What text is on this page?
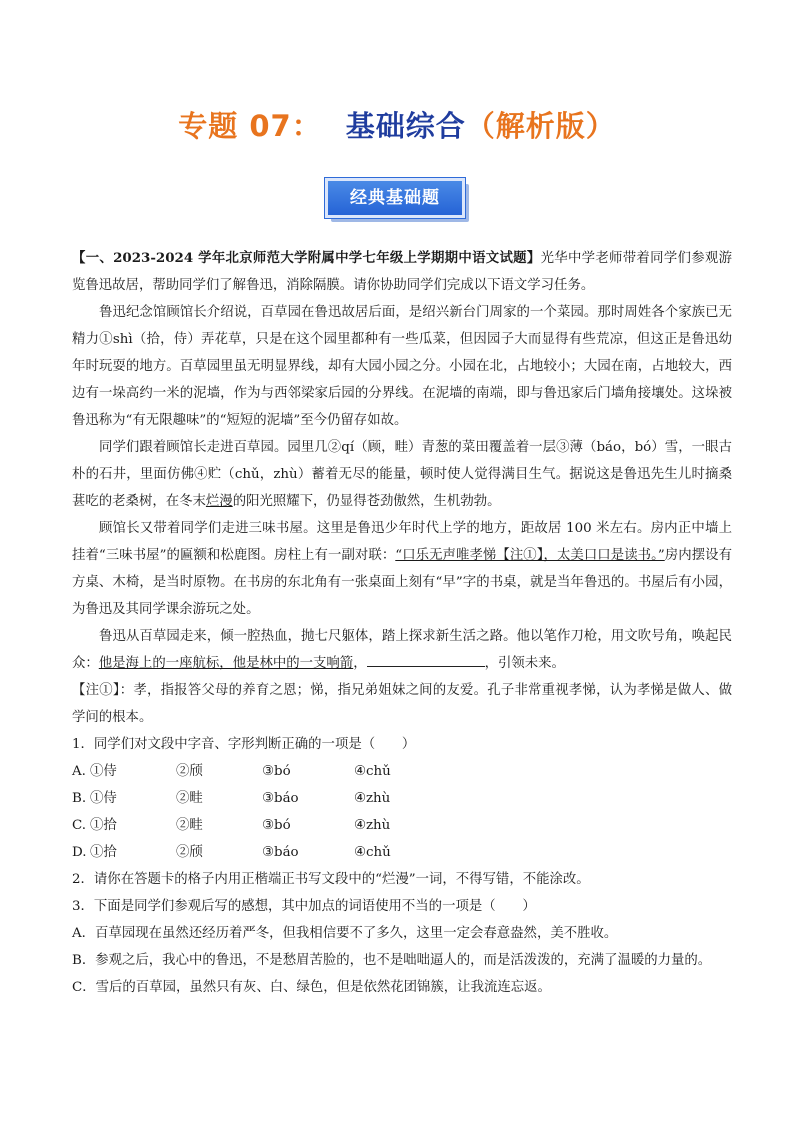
专题 07： 基础综合（解析版）
经典基础题

【一、2023-2024 学年北京师范大学附属中学七年级上学期期中语文试题】光华中学老师带着同学们参观游览鲁迅故居，帮助同学们了解鲁迅，消除隔膜。请你协助同学们完成以下语文学习任务。

鲁迅纪念馆顾馆长介绍说，百草园在鲁迅故居后面，是绍兴新台门周家的一个菜园。那时周姓各个家族已无精力①shì（拾，侍）弄花草，只是在这个园里都种有一些瓜菜，但因园子大而显得有些荒凉，但这正是鲁迅幼年时玩耍的地方。百草园里虽无明显界线，却有大园小园之分。小园在北，占地较小；大园在南，占地较大，西边有一垛高约一米的泥墙，作为与西邻梁家后园的分界线。在泥墙的南端，即与鲁迅家后门墙角接壤处。这垛被鲁迅称为“有无限趣味”的“短短的泥墙”至今仍留存如故。

同学们跟着顾馆长走进百草园。园里几②qí（顾，畦）青葱的菜田覆盖着一层③薄（báo，bó）雪，一眼古朴的石井，里面仿佛④贮（chǔ，zhù）蓄着无尽的能量，顿时使人觉得满目生气。据说这是鲁迅先生儿时摘桑葚吃的老桑树，在冬末烂漫的阳光照耀下，仍显得苍劲傲然，生机勃勃。

顾馆长又带着同学们走进三味书屋。这里是鲁迅少年时代上学的地方，距故居 100 米左右。房内正中墙上挂着“三味书屋”的匾额和松鹿图。房柱上有一副对联：“口乐无声唯孝悌【注①】，太美口口是读书。”房内摆设有方桌、木椅，是当时原物。在书房的东北角有一张桌面上刻有“早”字的书桌，就是当年鲁迅的。书屋后有小园，为鲁迅及其同学课余游玩之处。

鲁迅从百草园走来，倾一腔热血，抛七尺躯体，踏上探求新生活之路。他以笔作刀枪，用文吹号角，唤起民众：他是海上的一座航标，他是林中的一支响箭，	，引领未来。

【注①】：孝，指报答父母的养育之恩；悌，指兄弟姐妹之间的友爱。孔子非常重视孝悌，认为孝悌是做人、做学问的根本。

1．同学们对文段中字音、字形判断正确的一项是（　　）

A. ①侍	②颀	③bó	④chǔ
B. ①侍	②畦	③báo	④zhù
C. ①拾	②畦	③bó	④zhù
D. ①拾	②颀	③báo	④chǔ

2．请你在答题卡的格子内用正楷端正书写文段中的“烂漫”一词，不得写错，不能涂改。

3．下面是同学们参观后写的感想，其中加点的词语使用不当的一项是（　　）

A．百草园现在虽然还经历着严冬，但我相信要不了多久，这里一定会春意盎然，美不胜收。

B．参观之后，我心中的鲁迅，不是愁眉苦脸的，也不是咄咄逼人的，而是活泼泼的，充满了温暖的力量的。

C．雪后的百草园，虽然只有灰、白、绿色，但是依然花团锦簇，让我流连忘返。
